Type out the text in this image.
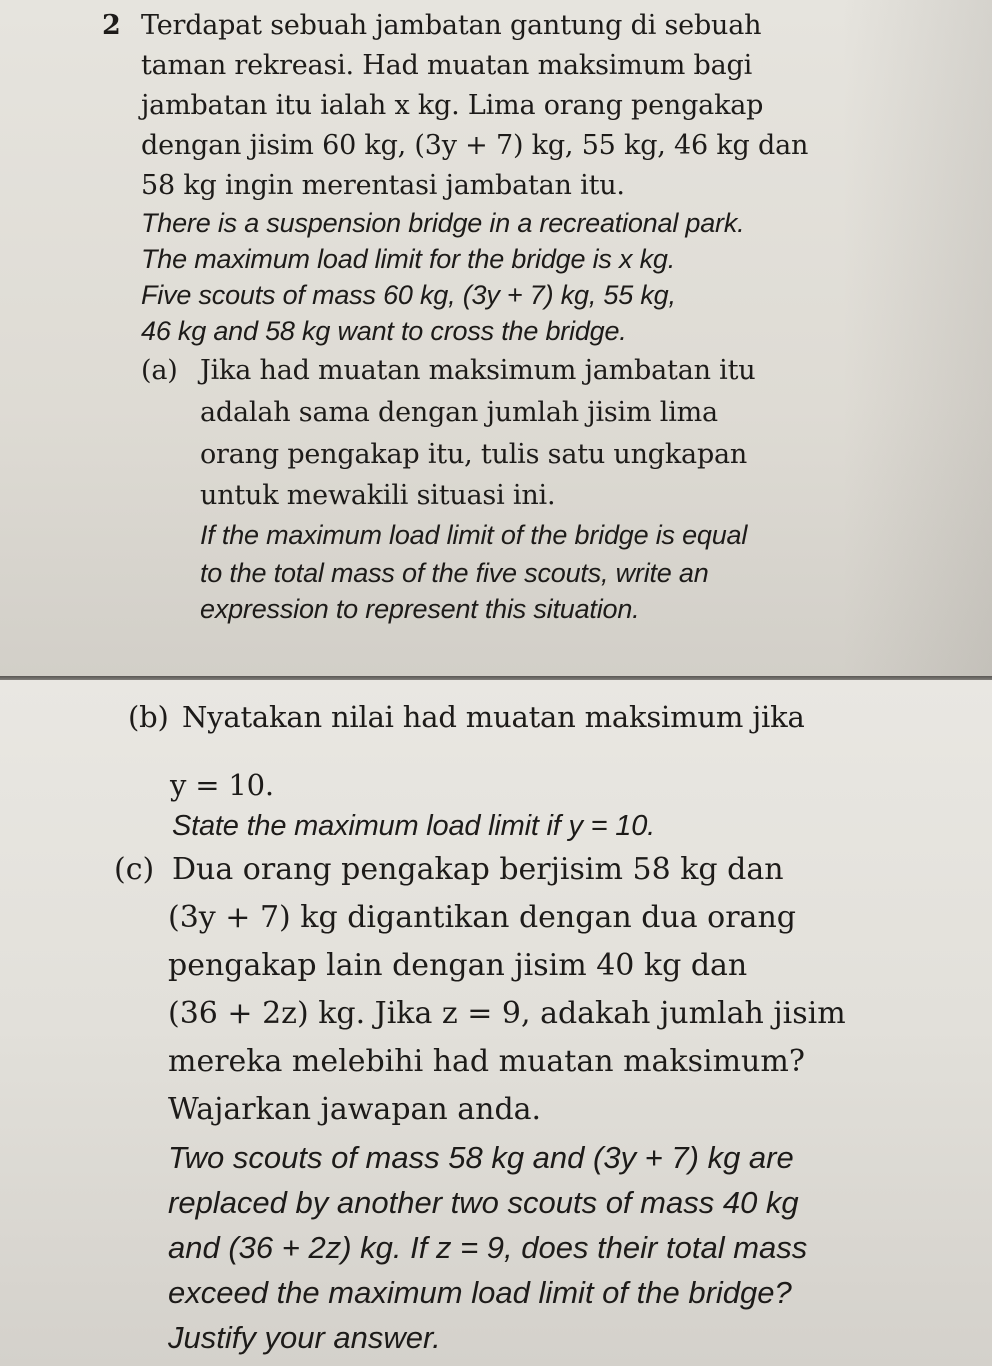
2 Terdapat sebuah jambatan gantung di sebuah

taman rekreasi. Had muatan maksimum bagi

jambatan itu ialah x kg. Lima orang pengakap

dengan jisim 60 kg, (3y + 7) kg, 55 kg, 46 kg dan

58 kg ingin merentasi jambatan itu.

There is a suspension bridge in a recreational park.

The maximum load limit for the bridge is x kg.

Five scouts of mass 60 kg, (3y + 7) kg, 55 kg,

46 kg and 58 kg want to cross the bridge.

(a) Jika had muatan maksimum jambatan itu

adalah sama dengan jumlah jisim lima

orang pengakap itu, tulis satu ungkapan

untuk mewakili situasi ini.

If the maximum load limit of the bridge is equal

to the total mass of the five scouts, write an

expression to represent this situation.

(b) Nyatakan nilai had muatan maksimum jika

y = 10.

State the maximum load limit if y = 10.

(c) Dua orang pengakap berjisim 58 kg dan

(3y + 7) kg digantikan dengan dua orang

pengakap lain dengan jisim 40 kg dan

(36 + 2z) kg. Jika z = 9, adakah jumlah jisim

mereka melebihi had muatan maksimum?

Wajarkan jawapan anda.

Two scouts of mass 58 kg and (3y + 7) kg are

replaced by another two scouts of mass 40 kg

and (36 + 2z) kg. If z = 9, does their total mass

exceed the maximum load limit of the bridge?

Justify your answer.
